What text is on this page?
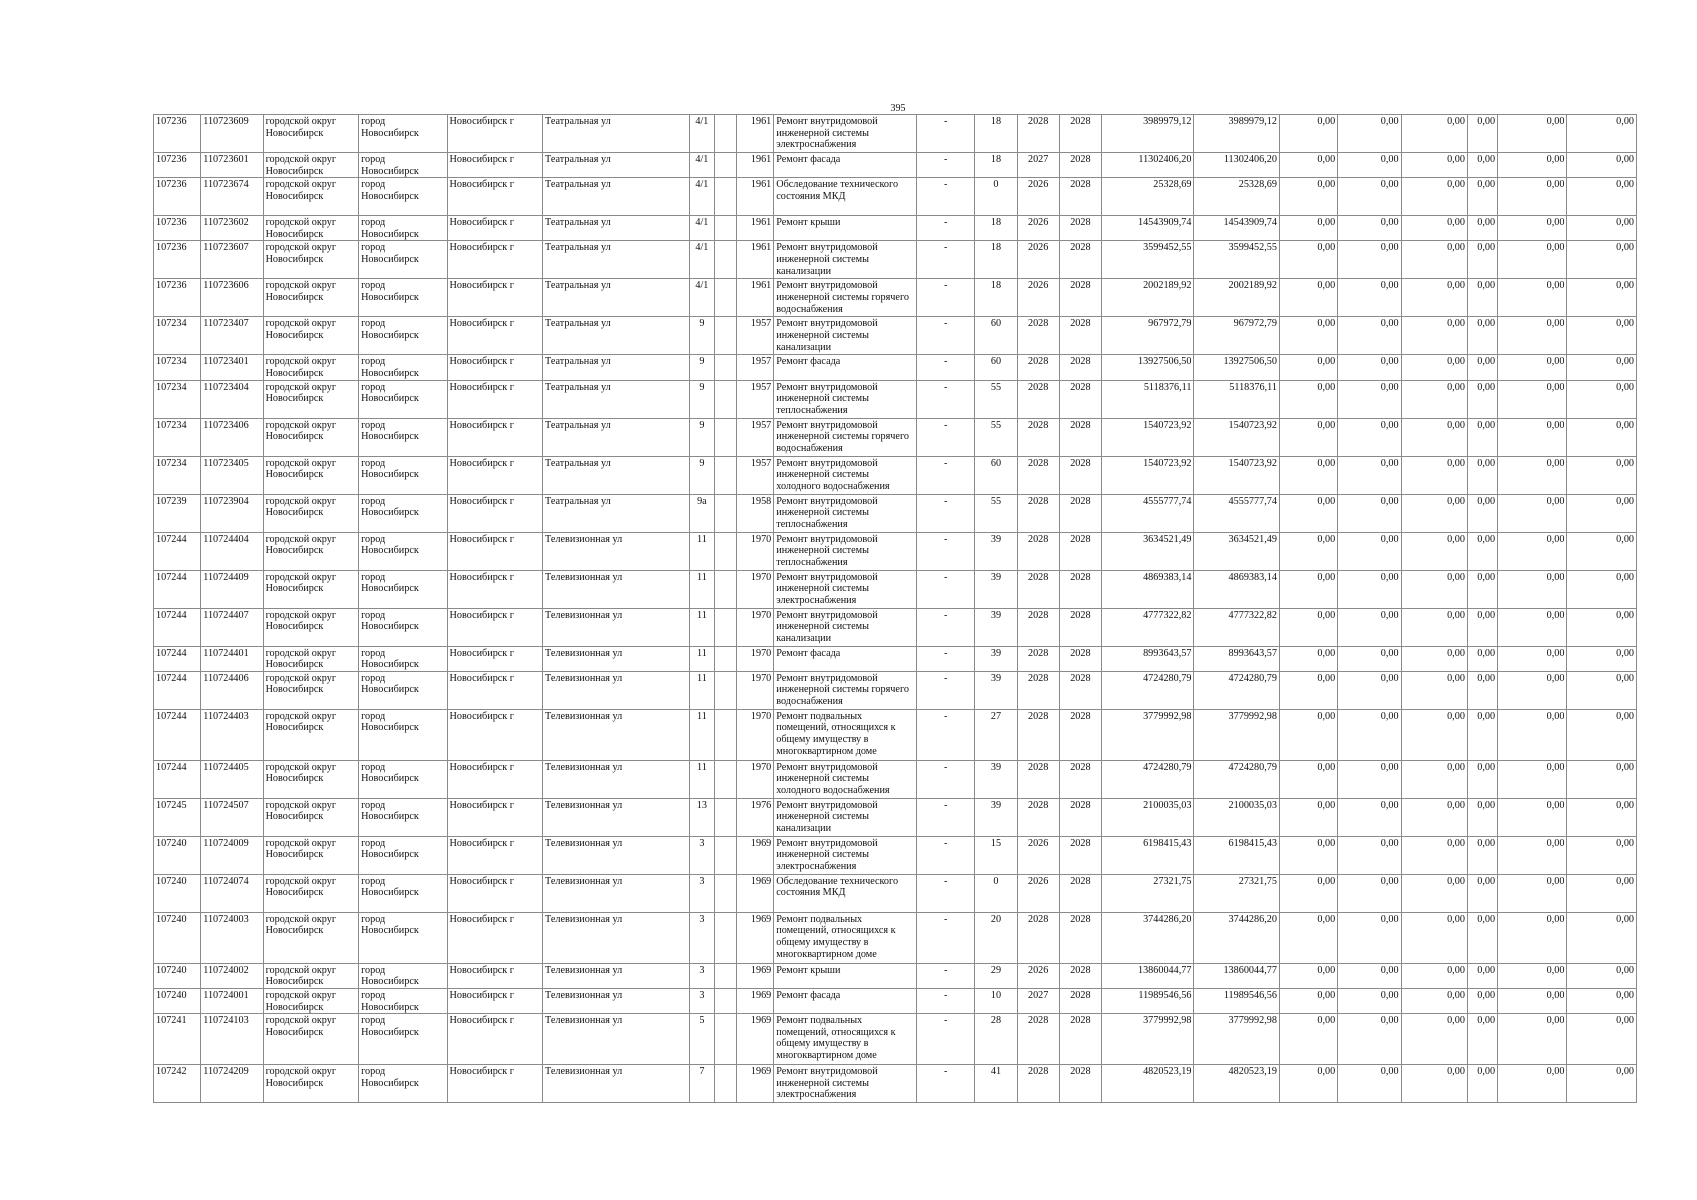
395
107236	110723609	городской округ Новосибирск	город Новосибирск	Новосибирск г	Театральная ул	4/1		1961	Ремонт внутридомовой инженерной системы электроснабжения	-	18	2028	2028	3989979,12	3989979,12	0,00	0,00	0,00	0,00	0,00	0,00
107236	110723601	городской округ Новосибирск	город Новосибирск	Новосибирск г	Театральная ул	4/1		1961	Ремонт фасада	-	18	2027	2028	11302406,20	11302406,20	0,00	0,00	0,00	0,00	0,00	0,00
107236	110723674	городской округ Новосибирск	город Новосибирск	Новосибирск г	Театральная ул	4/1		1961	Обследование технического состояния МКД	-	0	2026	2028	25328,69	25328,69	0,00	0,00	0,00	0,00	0,00	0,00
107236	110723602	городской округ Новосибирск	город Новосибирск	Новосибирск г	Театральная ул	4/1		1961	Ремонт крыши	-	18	2026	2028	14543909,74	14543909,74	0,00	0,00	0,00	0,00	0,00	0,00
107236	110723607	городской округ Новосибирск	город Новосибирск	Новосибирск г	Театральная ул	4/1		1961	Ремонт внутридомовой инженерной системы канализации	-	18	2026	2028	3599452,55	3599452,55	0,00	0,00	0,00	0,00	0,00	0,00
107236	110723606	городской округ Новосибирск	город Новосибирск	Новосибирск г	Театральная ул	4/1		1961	Ремонт внутридомовой инженерной системы горячего водоснабжения	-	18	2026	2028	2002189,92	2002189,92	0,00	0,00	0,00	0,00	0,00	0,00
107234	110723407	городской округ Новосибирск	город Новосибирск	Новосибирск г	Театральная ул	9		1957	Ремонт внутридомовой инженерной системы канализации	-	60	2028	2028	967972,79	967972,79	0,00	0,00	0,00	0,00	0,00	0,00
107234	110723401	городской округ Новосибирск	город Новосибирск	Новосибирск г	Театральная ул	9		1957	Ремонт фасада	-	60	2028	2028	13927506,50	13927506,50	0,00	0,00	0,00	0,00	0,00	0,00
107234	110723404	городской округ Новосибирск	город Новосибирск	Новосибирск г	Театральная ул	9		1957	Ремонт внутридомовой инженерной системы теплоснабжения	-	55	2028	2028	5118376,11	5118376,11	0,00	0,00	0,00	0,00	0,00	0,00
107234	110723406	городской округ Новосибирск	город Новосибирск	Новосибирск г	Театральная ул	9		1957	Ремонт внутридомовой инженерной системы горячего водоснабжения	-	55	2028	2028	1540723,92	1540723,92	0,00	0,00	0,00	0,00	0,00	0,00
107234	110723405	городской округ Новосибирск	город Новосибирск	Новосибирск г	Театральная ул	9		1957	Ремонт внутридомовой инженерной системы холодного водоснабжения	-	60	2028	2028	1540723,92	1540723,92	0,00	0,00	0,00	0,00	0,00	0,00
107239	110723904	городской округ Новосибирск	город Новосибирск	Новосибирск г	Театральная ул	9а		1958	Ремонт внутридомовой инженерной системы теплоснабжения	-	55	2028	2028	4555777,74	4555777,74	0,00	0,00	0,00	0,00	0,00	0,00
107244	110724404	городской округ Новосибирск	город Новосибирск	Новосибирск г	Телевизионная ул	11		1970	Ремонт внутридомовой инженерной системы теплоснабжения	-	39	2028	2028	3634521,49	3634521,49	0,00	0,00	0,00	0,00	0,00	0,00
107244	110724409	городской округ Новосибирск	город Новосибирск	Новосибирск г	Телевизионная ул	11		1970	Ремонт внутридомовой инженерной системы электроснабжения	-	39	2028	2028	4869383,14	4869383,14	0,00	0,00	0,00	0,00	0,00	0,00
107244	110724407	городской округ Новосибирск	город Новосибирск	Новосибирск г	Телевизионная ул	11		1970	Ремонт внутридомовой инженерной системы канализации	-	39	2028	2028	4777322,82	4777322,82	0,00	0,00	0,00	0,00	0,00	0,00
107244	110724401	городской округ Новосибирск	город Новосибирск	Новосибирск г	Телевизионная ул	11		1970	Ремонт фасада	-	39	2028	2028	8993643,57	8993643,57	0,00	0,00	0,00	0,00	0,00	0,00
107244	110724406	городской округ Новосибирск	город Новосибирск	Новосибирск г	Телевизионная ул	11		1970	Ремонт внутридомовой инженерной системы горячего водоснабжения	-	39	2028	2028	4724280,79	4724280,79	0,00	0,00	0,00	0,00	0,00	0,00
107244	110724403	городской округ Новосибирск	город Новосибирск	Новосибирск г	Телевизионная ул	11		1970	Ремонт подвальных помещений, относящихся к общему имуществу в многоквартирном доме	-	27	2028	2028	3779992,98	3779992,98	0,00	0,00	0,00	0,00	0,00	0,00
107244	110724405	городской округ Новосибирск	город Новосибирск	Новосибирск г	Телевизионная ул	11		1970	Ремонт внутридомовой инженерной системы холодного водоснабжения	-	39	2028	2028	4724280,79	4724280,79	0,00	0,00	0,00	0,00	0,00	0,00
107245	110724507	городской округ Новосибирск	город Новосибирск	Новосибирск г	Телевизионная ул	13		1976	Ремонт внутридомовой инженерной системы канализации	-	39	2028	2028	2100035,03	2100035,03	0,00	0,00	0,00	0,00	0,00	0,00
107240	110724009	городской округ Новосибирск	город Новосибирск	Новосибирск г	Телевизионная ул	3		1969	Ремонт внутридомовой инженерной системы электроснабжения	-	15	2026	2028	6198415,43	6198415,43	0,00	0,00	0,00	0,00	0,00	0,00
107240	110724074	городской округ Новосибирск	город Новосибирск	Новосибирск г	Телевизионная ул	3		1969	Обследование технического состояния МКД	-	0	2026	2028	27321,75	27321,75	0,00	0,00	0,00	0,00	0,00	0,00
107240	110724003	городской округ Новосибирск	город Новосибирск	Новосибирск г	Телевизионная ул	3		1969	Ремонт подвальных помещений, относящихся к общему имуществу в многоквартирном доме	-	20	2028	2028	3744286,20	3744286,20	0,00	0,00	0,00	0,00	0,00	0,00
107240	110724002	городской округ Новосибирск	город Новосибирск	Новосибирск г	Телевизионная ул	3		1969	Ремонт крыши	-	29	2026	2028	13860044,77	13860044,77	0,00	0,00	0,00	0,00	0,00	0,00
107240	110724001	городской округ Новосибирск	город Новосибирск	Новосибирск г	Телевизионная ул	3		1969	Ремонт фасада	-	10	2027	2028	11989546,56	11989546,56	0,00	0,00	0,00	0,00	0,00	0,00
107241	110724103	городской округ Новосибирск	город Новосибирск	Новосибирск г	Телевизионная ул	5		1969	Ремонт подвальных помещений, относящихся к общему имуществу в многоквартирном доме	-	28	2028	2028	3779992,98	3779992,98	0,00	0,00	0,00	0,00	0,00	0,00
107242	110724209	городской округ Новосибирск	город Новосибирск	Новосибирск г	Телевизионная ул	7		1969	Ремонт внутридомовой инженерной системы электроснабжения	-	41	2028	2028	4820523,19	4820523,19	0,00	0,00	0,00	0,00	0,00	0,00
